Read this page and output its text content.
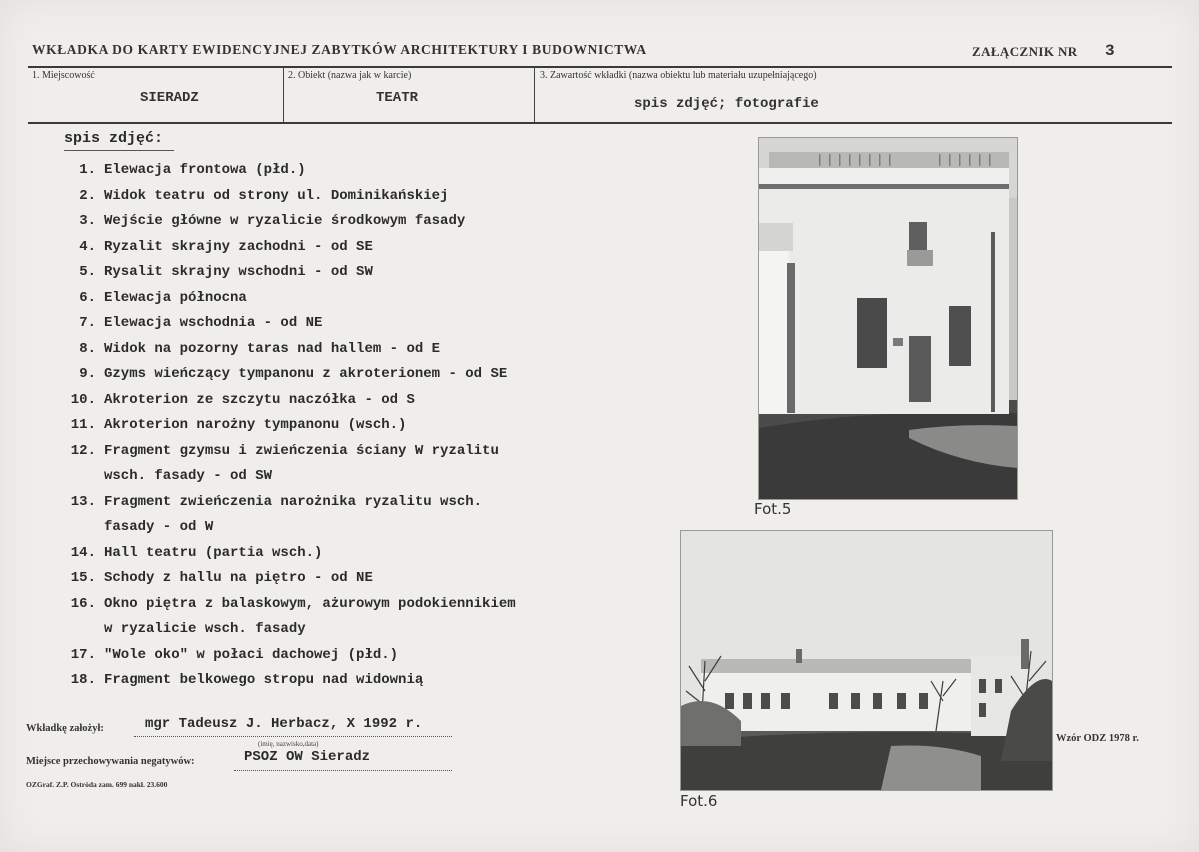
WKŁADKA DO KARTY EWIDENCYJNEJ ZABYTKÓW ARCHITEKTURY I BUDOWNICTWA	ZAŁĄCZNIK NR 3
1. Miejscowość
SIERADZ
2. Obiekt (nazwa jak w karcie)
TEATR
3. Zawartość wkładki (nazwa obiektu lub materiału uzupełniającego)
spis zdjęć; fotografie
spis zdjęć:
1. Elewacja frontowa (płd.)
2. Widok teatru od strony ul. Dominikańskiej
3. Wejście główne w ryzalicie środkowym fasady
4. Ryzalit skrajny zachodni - od SE
5. Rysalit skrajny wschodni - od SW
6. Elewacja północna
7. Elewacja wschodnia - od NE
8. Widok na pozorny taras nad hallem - od E
9. Gzyms wieńczący tympanonu z akroterionem - od SE
10. Akroterion ze szczytu naczółka - od S
11. Akroterion narożny tympanonu (wsch.)
12. Fragment gzymsu i zwieńczenia ściany W ryzalitu
wsch. fasady - od SW
13. Fragment zwieńczenia narożnika ryzalitu wsch.
fasady - od W
14. Hall teatru (partia wsch.)
15. Schody z hallu na piętro - od NE
16. Okno piętra z balaskowym, ażurowym podokiennikiem
w ryzalicie wsch. fasady
17. "Wole oko" w połaci dachowej (płd.)
18. Fragment belkowego stropu nad widownią
Fot.5
Fot.6
Wzór ODZ 1978 r.
Wkładkę założył:	mgr Tadeusz J. Herbacz, X 1992 r.
(imię, nazwisko,data)
Miejsce przechowywania negatywów:	PSOZ OW Sieradz
OZGraf. Z.P. Ostróda zam. 699 nakł. 23.600
